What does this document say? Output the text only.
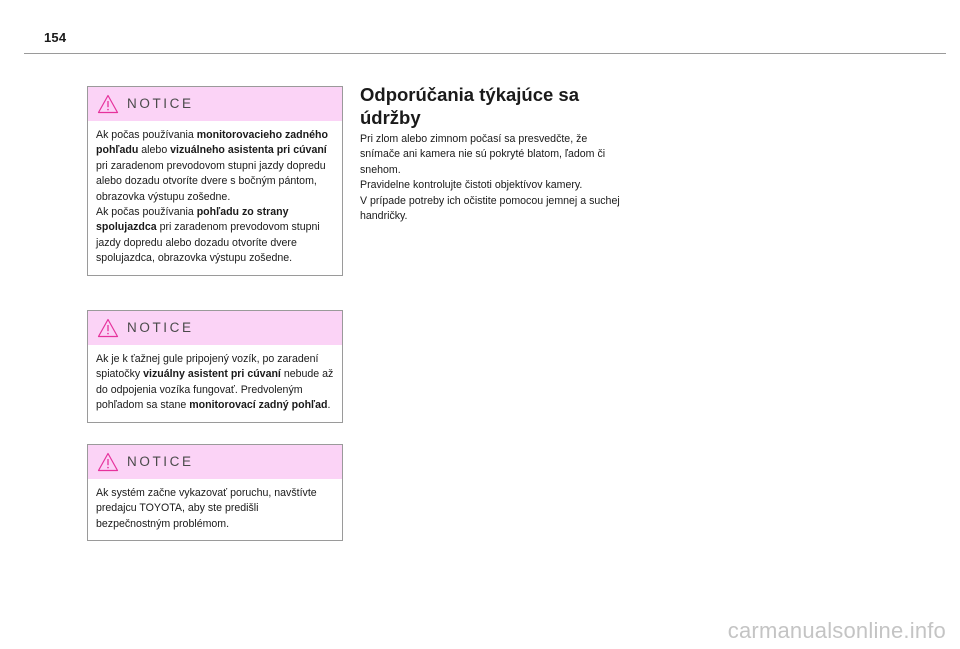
154
NOTICE
Ak počas používania monitorovacieho zadného pohľadu alebo vizuálneho asistenta pri cúvaní pri zaradenom prevodovom stupni jazdy dopredu alebo dozadu otvoríte dvere s bočným pántom, obrazovka výstupu zošedne.
Ak počas používania pohľadu zo strany spolujazdca pri zaradenom prevodovom stupni jazdy dopredu alebo dozadu otvoríte dvere spolujazdca, obrazovka výstupu zošedne.
NOTICE
Ak je k ťažnej gule pripojený vozík, po zaradení spiatočky vizuálny asistent pri cúvaní nebude až do odpojenia vozíka fungovať. Predvoleným pohľadom sa stane monitorovací zadný pohľad.
NOTICE
Ak systém začne vykazovať poruchu, navštívte predajcu TOYOTA, aby ste predišli bezpečnostným problémom.
Odporúčania týkajúce sa údržby

Pri zlom alebo zimnom počasí sa presvedčte, že snímače ani kamera nie sú pokryté blatom, ľadom či snehom.

Pravidelne kontrolujte čistoti objektívov kamery.

V prípade potreby ich očistite pomocou jemnej a suchej handričky.

carmanualsonline.info
